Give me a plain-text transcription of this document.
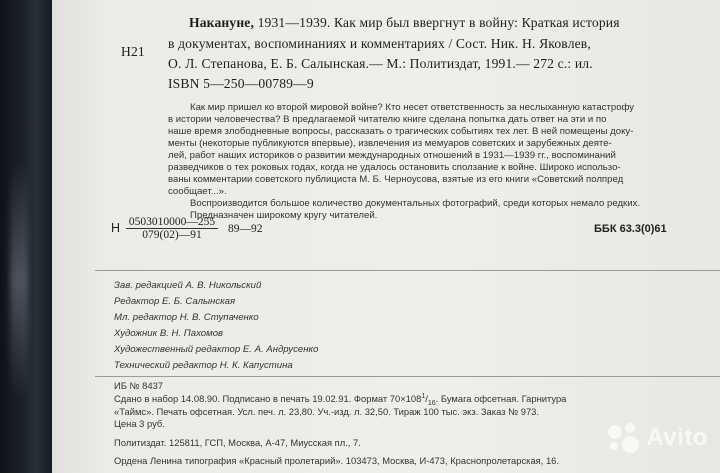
Н21
Накануне, 1931—1939. Как мир был ввергнут в войну: Краткая история
в документах, воспоминаниях и комментариях / Сост. Ник. Н. Яковлев,
О. Л. Степанова, Е. Б. Салынская.— М.: Политиздат, 1991.— 272 с.: ил.
ISBN 5—250—00789—9
Как мир пришел ко второй мировой войне? Кто несет ответственность за неслыханную катастрофу
в истории человечества? В предлагаемой читателю книге сделана попытка дать ответ на эти и по
наше время злободневные вопросы, рассказать о трагических событиях тех лет. В ней помещены доку-
менты (некоторые публикуются впервые), извлечения из мемуаров советских и зарубежных деяте-
лей, работ наших историков о развитии международных отношений в 1931—1939 гг., воспоминаний
разведчиков о тех роковых годах, когда не удалось остановить сползание к войне. Широко использо-
ваны комментарии советского публициста М. Б. Черноусова, взятые из его книги «Советский полпред
сообщает...».
Воспроизводится большое количество документальных фотографий, среди которых немало редких.
Предназначен широкому кругу читателей.
Н $\frac{0503010000—255}{079(02)—91}$ 89—92	ББК 63.3(0)61
Зав. редакцией А. В. Никольский
Редактор Е. Б. Салынская
Мл. редактор Н. В. Ступаченко
Художник В. Н. Пахомов
Художественный редактор Е. А. Андрусенко
Технический редактор Н. К. Капустина
ИБ № 8437
Сдано в набор 14.08.90. Подписано в печать 19.02.91. Формат $70\times 108^1/_{16}$. Бумага офсетная. Гарнитура
«Таймс». Печать офсетная. Усл. печ. л. 23,80. Уч.-изд. л. 32,50. Тираж 100 тыс. экз. Заказ № 973.
Цена 3 руб.
Политиздат. 125811, ГСП, Москва, А-47, Миусская пл., 7.
Ордена Ленина типография «Красный пролетарий». 103473, Москва, И-473, Краснопролетарская, 16.
Avito
